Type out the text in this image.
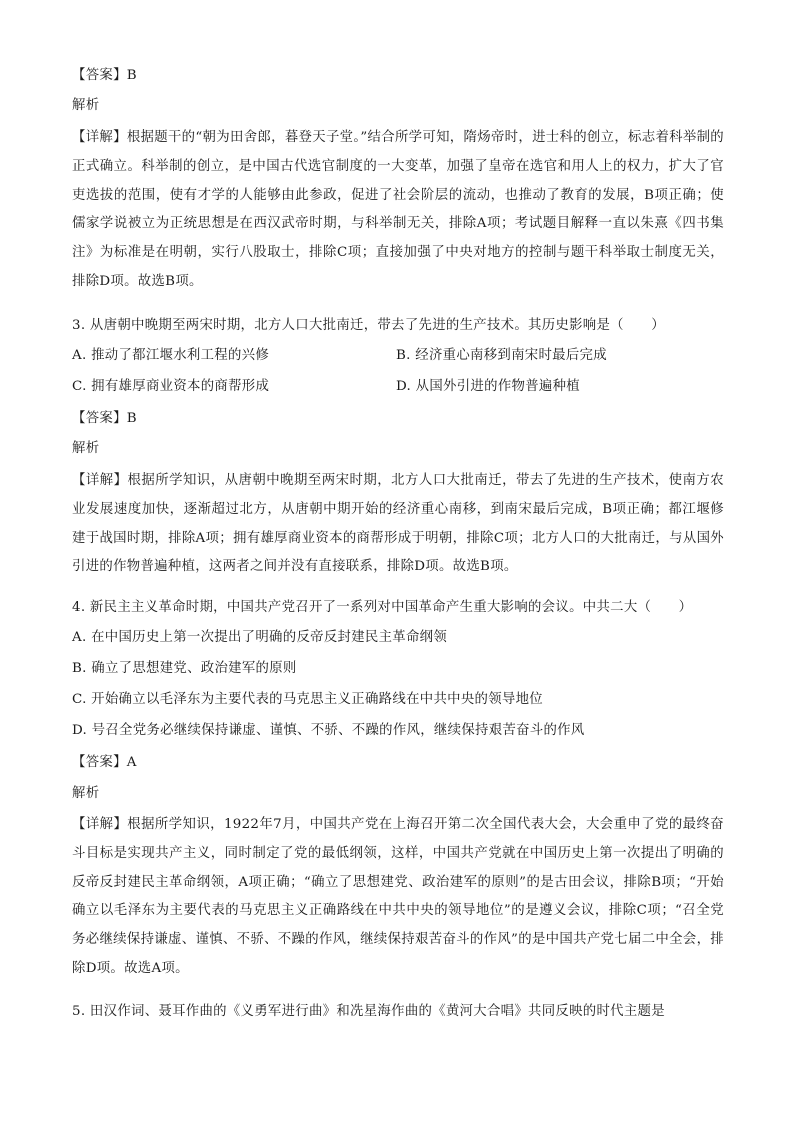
【答案】B
解析
【详解】根据题干的“朝为田舍郎，暮登天子堂。”结合所学可知，隋炀帝时，进士科的创立，标志着科举制的正式确立。科举制的创立，是中国古代选官制度的一大变革，加强了皇帝在选官和用人上的权力，扩大了官吏选拔的范围，使有才学的人能够由此参政，促进了社会阶层的流动，也推动了教育的发展，B项正确；使儒家学说被立为正统思想是在西汉武帝时期，与科举制无关，排除A项；考试题目解释一直以朱熹《四书集注》为标准是在明朝，实行八股取士，排除C项；直接加强了中央对地方的控制与题干科举取士制度无关，排除D项。故选B项。
3. 从唐朝中晚期至两宋时期，北方人口大批南迁，带去了先进的生产技术。其历史影响是（　　）
A. 推动了都江堰水利工程的兴修	B. 经济重心南移到南宋时最后完成
C. 拥有雄厚商业资本的商帮形成	D. 从国外引进的作物普遍种植
【答案】B
解析
【详解】根据所学知识，从唐朝中晚期至两宋时期，北方人口大批南迁，带去了先进的生产技术，使南方农业发展速度加快，逐渐超过北方，从唐朝中期开始的经济重心南移，到南宋最后完成，B项正确；都江堰修建于战国时期，排除A项；拥有雄厚商业资本的商帮形成于明朝，排除C项；北方人口的大批南迁，与从国外引进的作物普遍种植，这两者之间并没有直接联系，排除D项。故选B项。
4. 新民主主义革命时期，中国共产党召开了一系列对中国革命产生重大影响的会议。中共二大（　　）
A. 在中国历史上第一次提出了明确的反帝反封建民主革命纲领
B. 确立了思想建党、政治建军的原则
C. 开始确立以毛泽东为主要代表的马克思主义正确路线在中共中央的领导地位
D. 号召全党务必继续保持谦虚、谨慎、不骄、不躁的作风，继续保持艰苦奋斗的作风
【答案】A
解析
【详解】根据所学知识，1922年7月，中国共产党在上海召开第二次全国代表大会，大会重申了党的最终奋斗目标是实现共产主义，同时制定了党的最低纲领，这样，中国共产党就在中国历史上第一次提出了明确的反帝反封建民主革命纲领，A项正确；“确立了思想建党、政治建军的原则”的是古田会议，排除B项；“开始确立以毛泽东为主要代表的马克思主义正确路线在中共中央的领导地位”的是遵义会议，排除C项；“召全党务必继续保持谦虚、谨慎、不骄、不躁的作风，继续保持艰苦奋斗的作风”的是中国共产党七届二中全会，排除D项。故选A项。
5. 田汉作词、聂耳作曲的《义勇军进行曲》和冼星海作曲的《黄河大合唱》共同反映的时代主题是
